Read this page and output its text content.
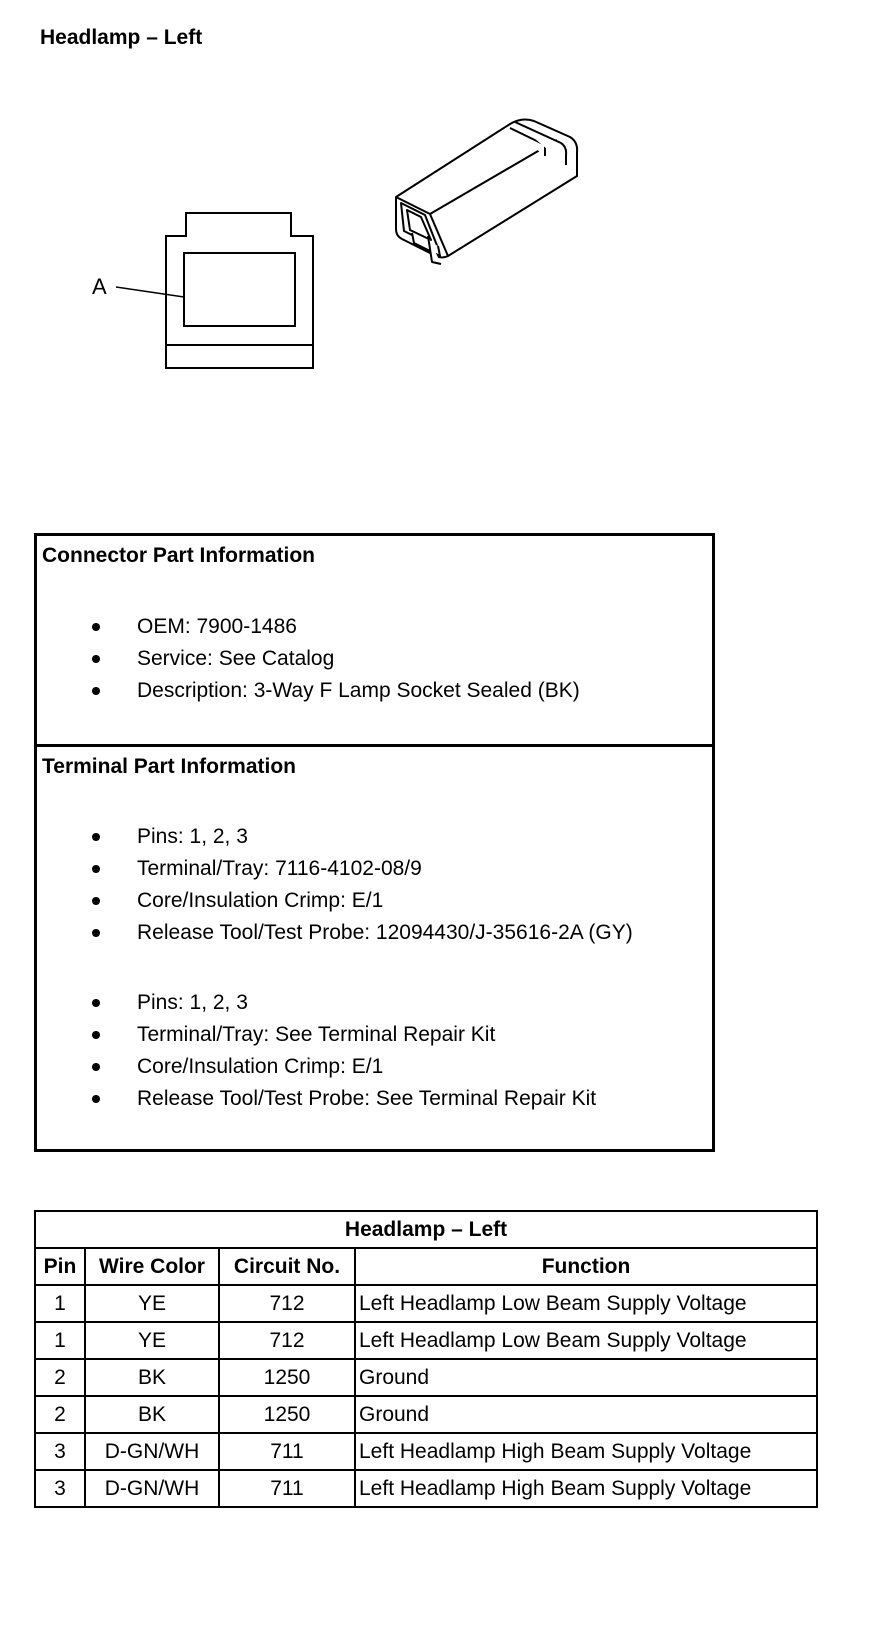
Headlamp – Left
A
Connector Part Information
OEM: 7900-1486
Service: See Catalog
Description: 3-Way F Lamp Socket Sealed (BK)
Terminal Part Information
Pins: 1, 2, 3
Terminal/Tray: 7116-4102-08/9
Core/Insulation Crimp: E/1
Release Tool/Test Probe: 12094430/J-35616-2A (GY)
Pins: 1, 2, 3
Terminal/Tray: See Terminal Repair Kit
Core/Insulation Crimp: E/1
Release Tool/Test Probe: See Terminal Repair Kit
Headlamp – Left			
Pin	Wire Color	Circuit No.	Function
1	YE	712	Left Headlamp Low Beam Supply Voltage
1	YE	712	Left Headlamp Low Beam Supply Voltage
2	BK	1250	Ground
2	BK	1250	Ground
3	D-GN/WH	711	Left Headlamp High Beam Supply Voltage
3	D-GN/WH	711	Left Headlamp High Beam Supply Voltage
